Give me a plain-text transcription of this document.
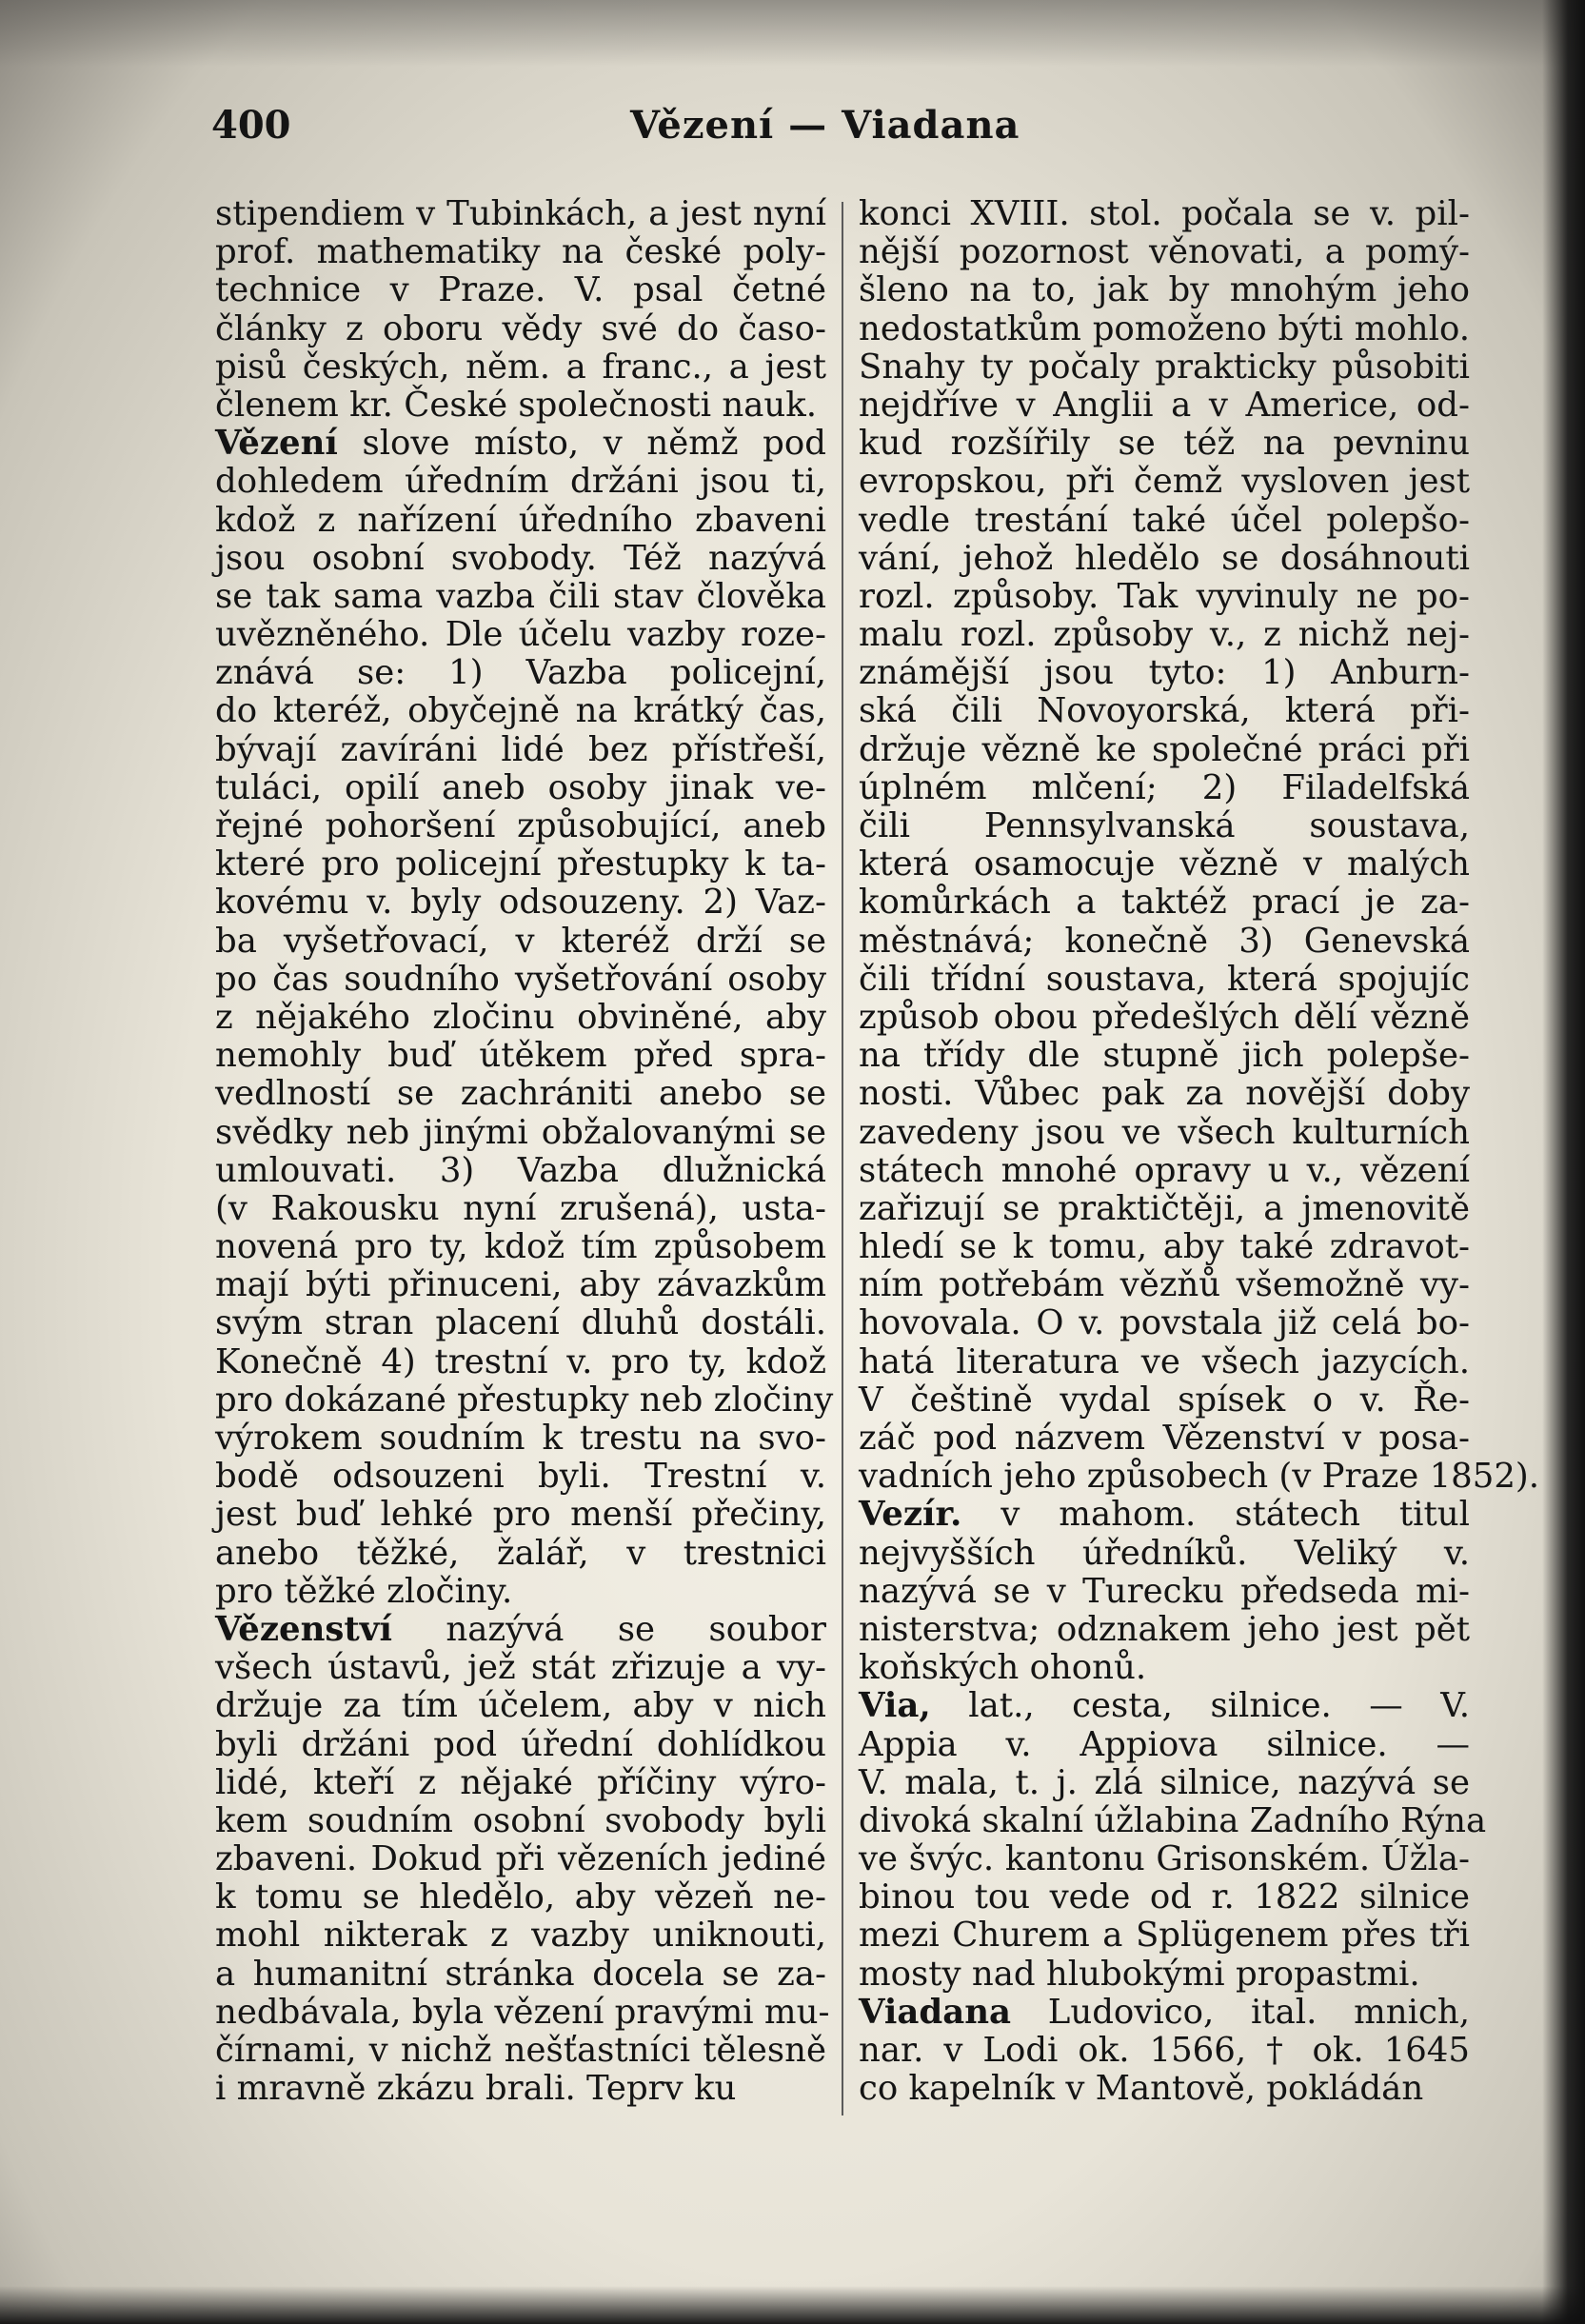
400	Vězení — Viadana
stipendiem v Tubinkách, a jest nyní
prof. mathematiky na české poly-
technice v Praze. V. psal četné
články z oboru vědy své do časo-
pisů českých, něm. a franc., a jest
členem kr. České společnosti nauk.
Vězení slove místo, v němž pod
dohledem úředním držáni jsou ti,
kdož z nařízení úředního zbaveni
jsou osobní svobody. Též nazývá
se tak sama vazba čili stav člověka
uvězněného. Dle účelu vazby roze-
znává se: 1) Vazba policejní,
do kteréž, obyčejně na krátký čas,
bývají zavíráni lidé bez přístřeší,
tuláci, opilí aneb osoby jinak ve-
řejné pohoršení způsobující, aneb
které pro policejní přestupky k ta-
kovému v. byly odsouzeny. 2) Vaz-
ba vyšetřovací, v kteréž drží se
po čas soudního vyšetřování osoby
z nějakého zločinu obviněné, aby
nemohly buď útěkem před spra-
vedlností se zachrániti anebo se
svědky neb jinými obžalovanými se
umlouvati. 3) Vazba dlužnická
(v Rakousku nyní zrušená), usta-
novená pro ty, kdož tím způsobem
mají býti přinuceni, aby závazkům
svým stran placení dluhů dostáli.
Konečně 4) trestní v. pro ty, kdož
pro dokázané přestupky neb zločiny
výrokem soudním k trestu na svo-
bodě odsouzeni byli. Trestní v.
jest buď lehké pro menší přečiny,
anebo těžké, žalář, v trestnici
pro těžké zločiny.
Vězenství nazývá se soubor
všech ústavů, jež stát zřizuje a vy-
držuje za tím účelem, aby v nich
byli držáni pod úřední dohlídkou
lidé, kteří z nějaké příčiny výro-
kem soudním osobní svobody byli
zbaveni. Dokud při vězeních jediné
k tomu se hledělo, aby vězeň ne-
mohl nikterak z vazby uniknouti,
a humanitní stránka docela se za-
nedbávala, byla vězení pravými mu-
čírnami, v nichž nešťastníci tělesně
i mravně zkázu brali. Teprv ku
konci XVIII. stol. počala se v. pil-
nější pozornost věnovati, a pomý-
šleno na to, jak by mnohým jeho
nedostatkům pomoženo býti mohlo.
Snahy ty počaly prakticky působiti
nejdříve v Anglii a v Americe, od-
kud rozšířily se též na pevninu
evropskou, při čemž vysloven jest
vedle trestání také účel polepšo-
vání, jehož hledělo se dosáhnouti
rozl. způsoby. Tak vyvinuly ne po-
malu rozl. způsoby v., z nichž nej-
známější jsou tyto: 1) Anburn-
ská čili Novoyorská, která při-
držuje vězně ke společné práci při
úplném mlčení; 2) Filadelfská
čili Pennsylvanská soustava,
která osamocuje vězně v malých
komůrkách a taktéž prací je za-
městnává; konečně 3) Genevská
čili třídní soustava, která spojujíc
způsob obou předešlých dělí vězně
na třídy dle stupně jich polepše-
nosti. Vůbec pak za novější doby
zavedeny jsou ve všech kulturních
státech mnohé opravy u v., vězení
zařizují se praktičtěji, a jmenovitě
hledí se k tomu, aby také zdravot-
ním potřebám vězňů všemožně vy-
hovovala. O v. povstala již celá bo-
hatá literatura ve všech jazycích.
V češtině vydal spísek o v. Ře-
záč pod názvem Vězenství v posa-
vadních jeho způsobech (v Praze 1852).
Vezír. v mahom. státech titul
nejvyšších úředníků. Veliký v.
nazývá se v Turecku předseda mi-
nisterstva; odznakem jeho jest pět
koňských ohonů.
Via, lat., cesta, silnice. — V.
Appia v. Appiova silnice. —
V. mala, t. j. zlá silnice, nazývá se
divoká skalní úžlabina Zadního Rýna
ve švýc. kantonu Grisonském. Úžla-
binou tou vede od r. 1822 silnice
mezi Churem a Splügenem přes tři
mosty nad hlubokými propastmi.
Viadana Ludovico, ital. mnich,
nar. v Lodi ok. 1566, † ok. 1645
co kapelník v Mantově, pokládán
